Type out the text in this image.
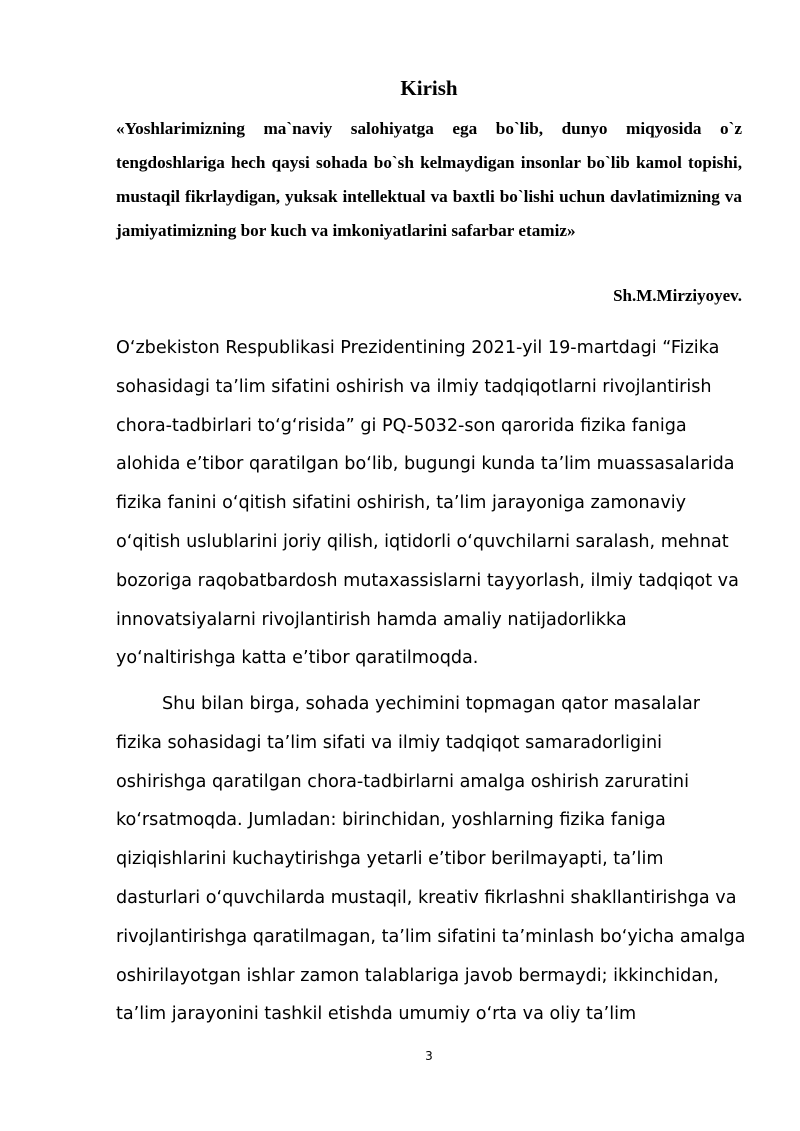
Kirish

«Yoshlarimizning ma`naviy salohiyatga ega bo`lib, dunyo miqyosida o`z tengdoshlariga hech qaysi sohada bo`sh kelmaydigan insonlar bo`lib kamol topishi, mustaqil fikrlaydigan, yuksak intellektual va baxtli bo`lishi uchun davlatimizning va jamiyatimizning bor kuch va imkoniyatlarini safarbar etamiz»

Sh.M.Mirziyoyev.
O‘zbekiston Respublikasi Prezidentining 2021-yil 19-martdagi “Fizika
sohasidagi ta’lim sifatini oshirish va ilmiy tadqiqotlarni rivojlantirish
chora-tadbirlari to‘g‘risida” gi PQ-5032-son qarorida fizika faniga
alohida e’tibor qaratilgan bo‘lib, bugungi kunda ta’lim muassasalarida
fizika fanini o‘qitish sifatini oshirish, ta’lim jarayoniga zamonaviy
o‘qitish uslublarini joriy qilish, iqtidorli o‘quvchilarni saralash, mehnat
bozoriga raqobatbardosh mutaxassislarni tayyorlash, ilmiy tadqiqot va
innovatsiyalarni rivojlantirish hamda amaliy natijadorlikka
yo‘naltirishga katta e’tibor qaratilmoqda.
Shu bilan birga, sohada yechimini topmagan qator masalalar
fizika sohasidagi ta’lim sifati va ilmiy tadqiqot samaradorligini
oshirishga qaratilgan chora-tadbirlarni amalga oshirish zaruratini
ko‘rsatmoqda. Jumladan: birinchidan, yoshlarning fizika faniga
qiziqishlarini kuchaytirishga yetarli e’tibor berilmayapti, ta’lim
dasturlari o‘quvchilarda mustaqil, kreativ fikrlashni shakllantirishga va
rivojlantirishga qaratilmagan, ta’lim sifatini ta’minlash bo‘yicha amalga
oshirilayotgan ishlar zamon talablariga javob bermaydi; ikkinchidan,
ta’lim jarayonini tashkil etishda umumiy o‘rta va oliy ta’lim
3
